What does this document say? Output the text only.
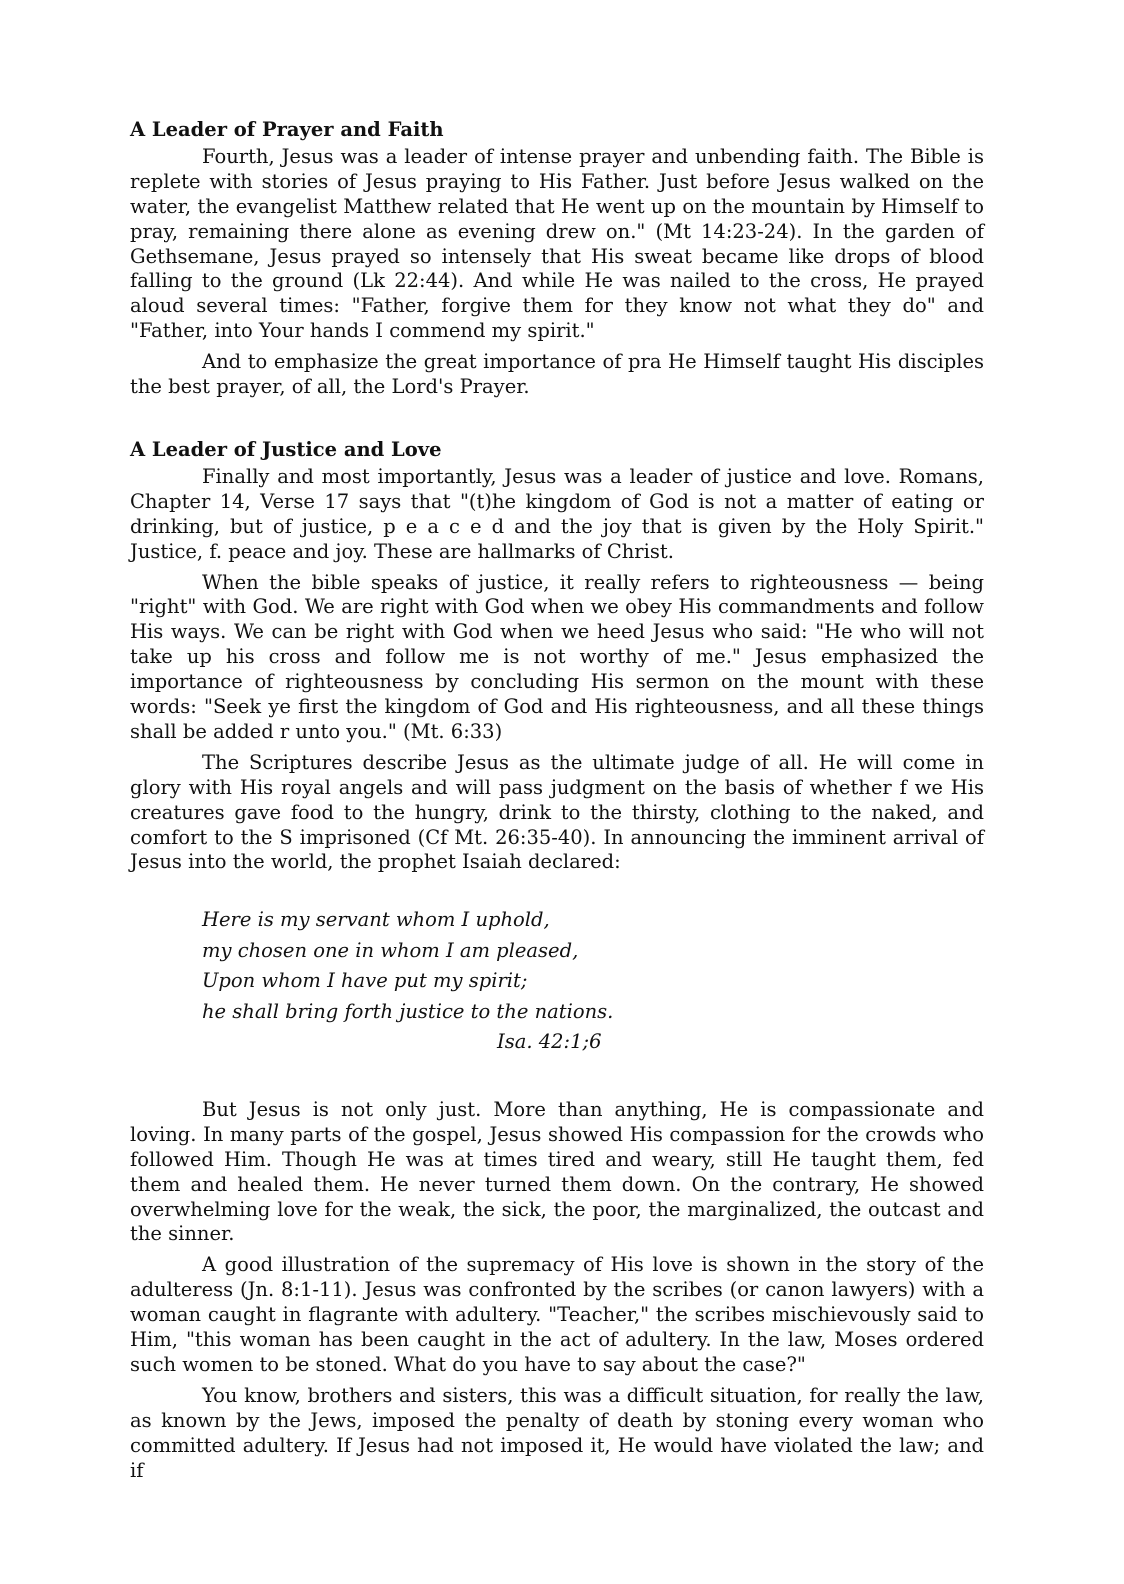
A Leader of Prayer and Faith

Fourth, Jesus was a leader of intense prayer and unbending faith. The Bible is replete with stories of Jesus praying to His Father. Just before Jesus walked on the water, the evangelist Matthew related that He went up on the mountain by Himself to pray, remaining there alone as evening drew on." (Mt 14:23-24). In the garden of Gethsemane, Jesus prayed so intensely that His sweat became like drops of blood falling to the ground (Lk 22:44). And while He was nailed to the cross, He prayed aloud several times: "Father, forgive them for they know not what they do" and "Father, into Your hands I commend my spirit."

And to emphasize the great importance of pra He Himself taught His disciples the best prayer, of all, the Lord's Prayer.

A Leader of Justice and Love

Finally and most importantly, Jesus was a leader of justice and love. Romans, Chapter 14, Verse 17 says that "(t)he kingdom of God is not a matter of eating or drinking, but of justice, p e a c e d and the joy that is given by the Holy Spirit." Justice, f. peace and joy. These are hallmarks of Christ.

When the bible speaks of justice, it really refers to righteousness — being "right" with God. We are right with God when we obey His commandments and follow His ways. We can be right with God when we heed Jesus who said: "He who will not take up his cross and follow me is not worthy of me." Jesus emphasized the importance of righteousness by concluding His sermon on the mount with these words: "Seek ye first the kingdom of God and His righteousness, and all these things shall be added r unto you." (Mt. 6:33)

The Scriptures describe Jesus as the ultimate judge of all. He will come in glory with His royal angels and will pass judgment on the basis of whether f we His creatures gave food to the hungry, drink to the thirsty, clothing to the naked, and comfort to the S imprisoned (Cf Mt. 26:35-40). In announcing the imminent arrival of Jesus into the world, the prophet Isaiah declared:

Here is my servant whom I uphold,
my chosen one in whom I am pleased,
Upon whom I have put my spirit;
he shall bring forth justice to the nations.
Isa. 42:1;6

But Jesus is not only just. More than anything, He is compassionate and loving. In many parts of the gospel, Jesus showed His compassion for the crowds who followed Him. Though He was at times tired and weary, still He taught them, fed them and healed them. He never turned them down. On the contrary, He showed overwhelming love for the weak, the sick, the poor, the marginalized, the outcast and the sinner.

A good illustration of the supremacy of His love is shown in the story of the adulteress (Jn. 8:1-11). Jesus was confronted by the scribes (or canon lawyers) with a woman caught in flagrante with adultery. "Teacher," the scribes mischievously said to Him, "this woman has been caught in the act of adultery. In the law, Moses ordered such women to be stoned. What do you have to say about the case?"

You know, brothers and sisters, this was a difficult situation, for really the law, as known by the Jews, imposed the penalty of death by stoning every woman who committed adultery. If Jesus had not imposed it, He would have violated the law; and if
